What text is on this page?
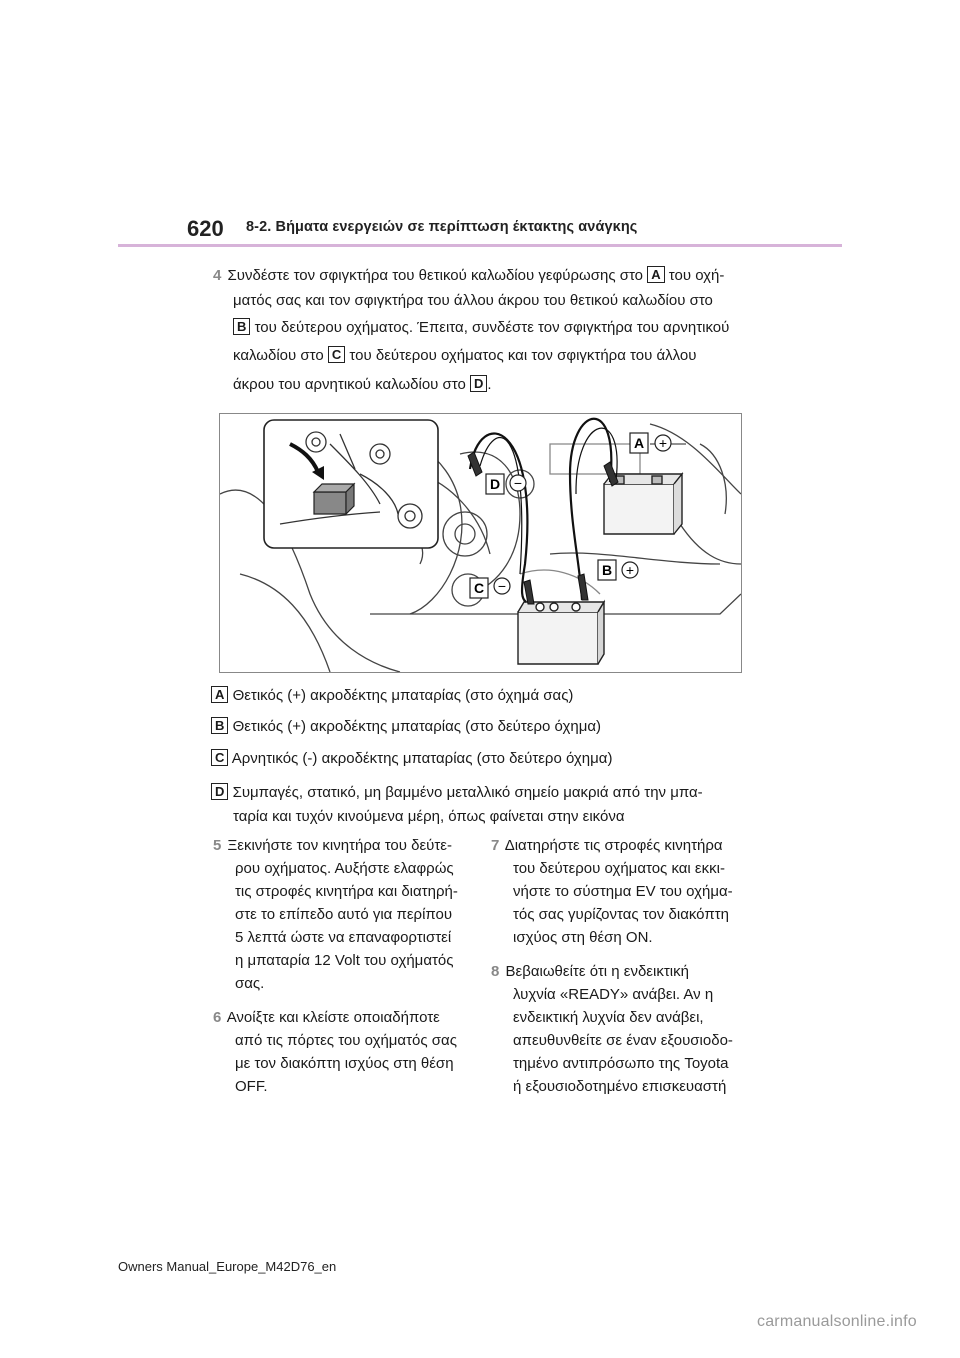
620 8-2. Βήματα ενεργειών σε περίπτωση έκτακτης ανάγκης
4 Συνδέστε τον σφιγκτήρα του θετικού καλωδίου γεφύρωσης στο A του οχή-
ματός σας και τον σφιγκτήρα του άλλου άκρου του θετικού καλωδίου στο
B του δεύτερου οχήματος. Έπειτα, συνδέστε τον σφιγκτήρα του αρνητικού
καλωδίου στο C του δεύτερου οχήματος και τον σφιγκτήρα του άλλου
άκρου του αρνητικού καλωδίου στο D .
A +
D −
B +
C −
A Θετικός (+) ακροδέκτης μπαταρίας (στο όχημά σας)
B Θετικός (+) ακροδέκτης μπαταρίας (στο δεύτερο όχημα)
C Αρνητικός (-) ακροδέκτης μπαταρίας (στο δεύτερο όχημα)
D Συμπαγές, στατικό, μη βαμμένο μεταλλικό σημείο μακριά από την μπα-
ταρία και τυχόν κινούμενα μέρη, όπως φαίνεται στην εικόνα

5 Ξεκινήστε τον κινητήρα του δεύτε-
ρου οχήματος. Αυξήστε ελαφρώς
τις στροφές κινητήρα και διατηρή-
στε το επίπεδο αυτό για περίπου
5 λεπτά ώστε να επαναφορτιστεί
η μπαταρία 12 Volt του οχήματός
σας.

6 Ανοίξτε και κλείστε οποιαδήποτε
από τις πόρτες του οχήματός σας
με τον διακόπτη ισχύος στη θέση
OFF.

7 Διατηρήστε τις στροφές κινητήρα
του δεύτερου οχήματος και εκκι-
νήστε το σύστημα EV του οχήμα-
τός σας γυρίζοντας τον διακόπτη
ισχύος στη θέση ON.

8 Βεβαιωθείτε ότι η ενδεικτική
λυχνία «READY» ανάβει. Αν η
ενδεικτική λυχνία δεν ανάβει,
απευθυνθείτε σε έναν εξουσιοδο-
τημένο αντιπρόσωπο της Toyota
ή εξουσιοδοτημένο επισκευαστή

Owners Manual_Europe_M42D76_en
carmanualsonline.info
